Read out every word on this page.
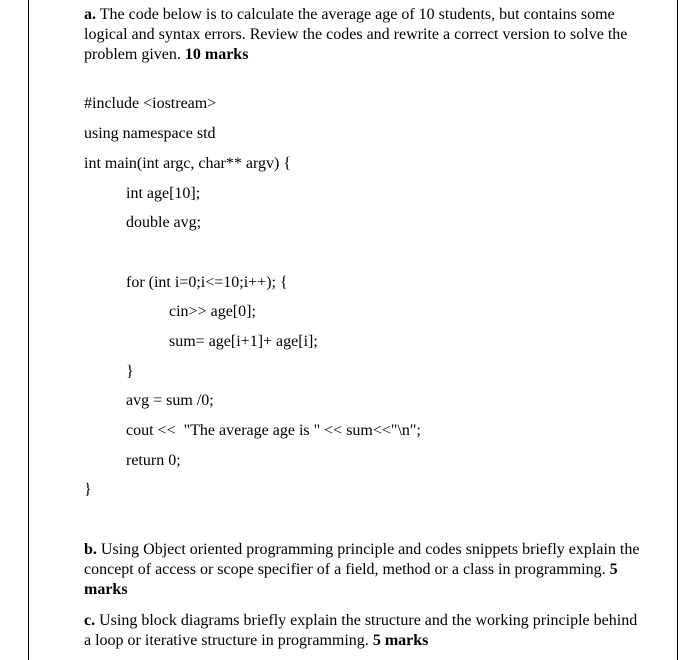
a. The code below is to calculate the average age of 10 students, but contains some logical and syntax errors. Review the codes and rewrite a correct version to solve the problem given. 10 marks
#include <iostream>
using namespace std
int main(int argc, char** argv) {
int age[10];
double avg;
for (int i=0;i<=10;i++); {
cin>> age[0];
sum= age[i+1]+ age[i];
}
avg = sum /0;
cout <<  "The average age is " << sum<<"\n";
return 0;
}
b. Using Object oriented programming principle and codes snippets briefly explain the concept of access or scope specifier of a field, method or a class in programming. 5 marks
c. Using block diagrams briefly explain the structure and the working principle behind a loop or iterative structure in programming. 5 marks
